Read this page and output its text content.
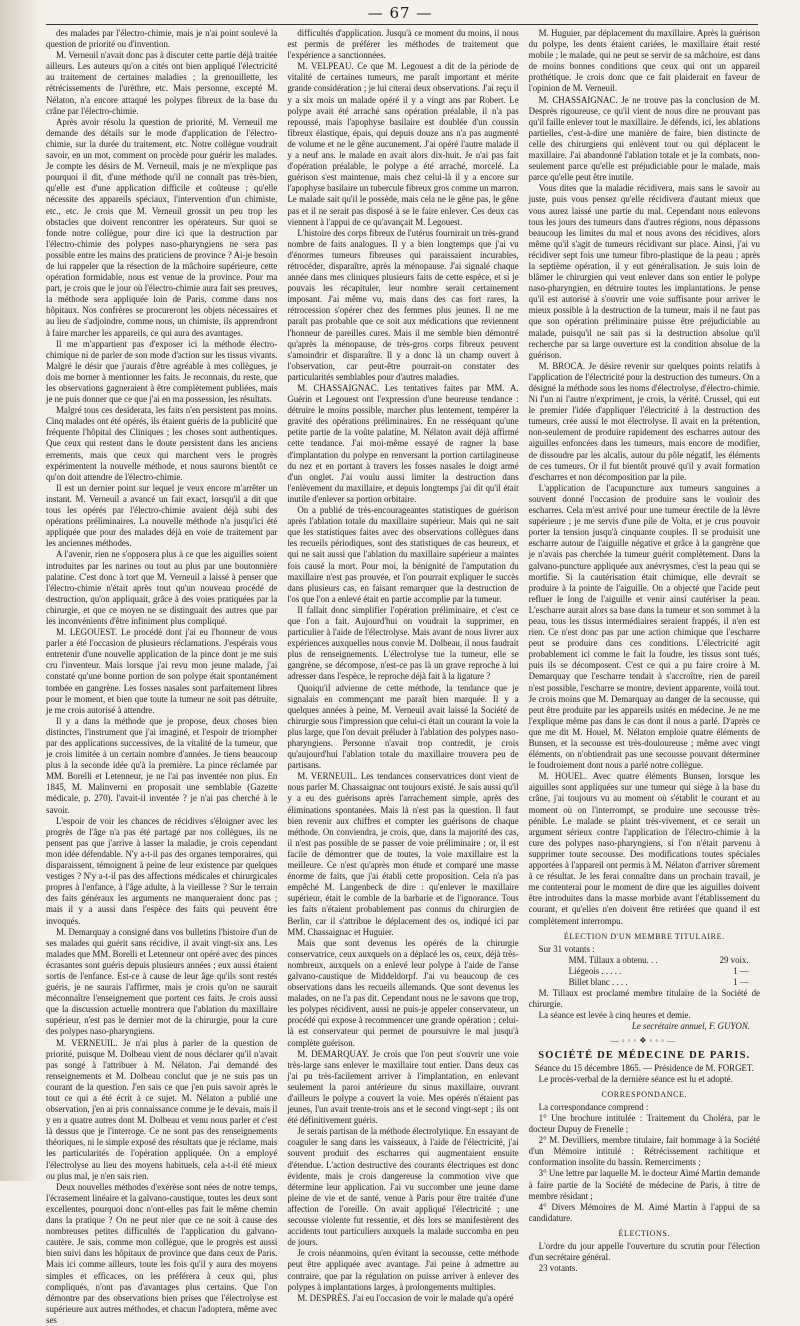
— 67 —

des malades par l'électro-chimie, mais je n'ai point soulevé la question de priorité ou d'invention.

M. Verneuil n'avait donc pas à discuter cette partie déjà traitée ailleurs. Les auteurs qu'on a cités ont bien appliqué l'électricité au traitement de certaines maladies ; la grenouillette, les rétrécissements de l'urèthre, etc. Mais personne, excepté M. Nélaton, n'a encore attaqué les polypes fibreux de la base du crâne par l'électro-chimie.

Après avoir résolu la question de priorité, M. Verneuil me demande des détails sur le mode d'application de l'électro-chimie, sur la durée du traitement, etc. Notre collègue voudrait savoir, en un mot, comment on procède pour guérir les malades. Je compte les désirs de M. Verneuil, mais je ne m'explique pas pourquoi il dit, d'une méthode qu'il ne connaît pas très-bien, qu'elle est d'une application difficile et coûteuse ; qu'elle nécessite des appareils spéciaux, l'intervention d'un chimiste, etc., etc. Je crois que M. Verneuil grossit un peu trop les obstacles que doivent rencontrer les opérateurs. Sur quoi se fonde notre collègue, pour dire ici que la destruction par l'électro-chimie des polypes naso-pharyngiens ne sera pas possible entre les mains des praticiens de province ? Ai-je besoin de lui rappeler que la résection de la mâchoire supérieure, cette opération formidable, nous est venue de la province. Pour ma part, je crois que le jour où l'électro-chimie aura fait ses preuves, la méthode sera appliquée loin de Paris, comme dans nos hôpitaux. Nos confrères se procureront les objets nécessaires et au lieu de s'adjoindre, comme nous, un chimiste, ils apprendront à faire marcher les appareils, ce qui aura des avantages.

Il me m'appartient pas d'exposer ici la méthode électro-chimique ni de parler de son mode d'action sur les tissus vivants. Malgré le désir que j'aurais d'être agréable à mes collègues, je dois me borner à mentionner les faits. Je reconnais, du reste, que les observations gagneraient à être complètement publiées, mais je ne puis donner que ce que j'ai en ma possession, les résultats.

Malgré tous ces desiderata, les faits n'en persistent pas moins. Cinq malades ont été opérés, ils étaient guéris de la publicité que fréquente l'hôpital des Cliniques ; les choses sont authentiques. Que ceux qui restent dans le doute persistent dans les anciens errements, mais que ceux qui marchent vers le progrès expérimentent la nouvelle méthode, et nous saurons bientôt ce qu'on doit attendre de l'électro-chimie.

Il est un dernier point sur lequel je veux encore m'arrêter un instant. M. Verneuil a avancé un fait exact, lorsqu'il a dit que tous les opérés par l'électro-chimie avaient déjà subi des opérations préliminaires. La nouvelle méthode n'a jusqu'ici été appliquée que pour des malades déjà en voie de traitement par les anciennes méthodes.

A l'avenir, rien ne s'opposera plus à ce que les aiguilles soient introduites par les narines ou tout au plus par une boutonnière palatine. C'est donc à tort que M. Verneuil a laissé à penser que l'électro-chimie n'était après tout qu'un nouveau procédé de destruction, qu'on appliquait, grâce à des voies pratiquées par la chirurgie, et que ce moyen ne se distinguait des autres que par les inconvénients d'être infiniment plus compliqué.

M. LEGOUEST. Le procédé dont j'ai eu l'honneur de vous parler a été l'occasion de plusieurs réclamations. J'espérais vous entretenir d'une nouvelle application de la pince dont je me suis cru l'inventeur. Mais lorsque j'ai revu mon jeune malade, j'ai constaté qu'une bonne portion de son polype était spontanément tombée en gangrène. Les fosses nasales sont parfaitement libres pour le moment, et bien que toute la tumeur ne soit pas détruite, je me crois autorisé à attendre.

Il y a dans la méthode que je propose, deux choses bien distinctes, l'instrument que j'ai imaginé, et l'espoir de triompher par des applications successives, de la vitalité de la tumeur, que je crois limitée à un certain nombre d'années. Je tiens beaucoup plus à la seconde idée qu'à la première. La pince réclamée par MM. Borelli et Letenneur, je ne l'ai pas inventée non plus. En 1845, M. Malinverni en proposait une semblable (Gazette médicale, p. 270). l'avait-il inventée ? je n'ai pas cherché à le savoir.

L'espoir de voir les chances de récidives s'éloigner avec les progrès de l'âge n'a pas été partagé par nos collègues, ils ne pensent pas que j'arrive à lasser la maladie, je crois cependant mon idée défendable. N'y a-t-il pas des organes temporaires, qui disparaissent, témoignent à peine de leur existence par quelques vestiges ? N'y a-t-il pas des affections médicales et chirurgicales propres à l'enfance, à l'âge adulte, à la vieillesse ? Sur le terrain des faits généraux les arguments ne manqueraient donc pas ; mais il y a aussi dans l'espèce des faits qui peuvent être invoqués.

M. Demarquay a consigné dans vos bulletins l'histoire d'un de ses malades qui guérit sans récidive, il avait vingt-six ans. Les malades que MM. Borelli et Letenneur ont opéré avec des pinces écrasantes sont guéris depuis plusieurs années ; eux aussi étaient sortis de l'enfance. Est-ce à cause de leur âge qu'ils sont restés guéris, je ne saurais l'affirmer, mais je crois qu'on ne saurait méconnaître l'enseignement que portent ces faits. Je crois aussi que la discussion actuelle montrera que l'ablation du maxillaire supérieur, n'est pas le dernier mot de la chirurgie, pour la cure des polypes naso-pharyngiens.

M. VERNEUIL. Je n'ai plus à parler de la question de priorité, puisque M. Dolbeau vient de nous déclarer qu'il n'avait pas songé à l'attribuer à M. Nélaton. J'ai demandé des renseignements et M. Dolbeau conclut que je ne suis pas un courant de la question. J'en sais ce que j'en puis savoir après le tout ce qui a été écrit à ce sujet. M. Nélaton a publié une observation, j'en ai pris connaissance comme je le devais, mais il y en a quatre autres dont M. Dolbeau et venu nous parler et c'est là dessus que je l'interroge. Ce ne sont pas des renseignements théoriques, ni le simple exposé des résultats que je réclame, mais les particularités de l'opération appliquée. On a employé l'électrolyse au lieu des moyens habituels, cela a-t-il été mieux ou plus mal, je n'en sais rien.

Deux nouvelles méthodes d'exérèse sont nées de notre temps, l'écrasement linéaire et la galvano-caustique, toutes les deux sont excellentes, pourquoi donc n'ont-elles pas fait le même chemin dans la pratique ? On ne peut nier que ce ne soit à cause des nombreuses petites difficultés de l'application du galvano-cautère. Je sais, comme mon collègue, que le progrès est aussi bien suivi dans les hôpitaux de province que dans ceux de Paris. Mais ici comme ailleurs, toute les fois qu'il y aura des moyens simples et efficaces, on les préférera à ceux qui, plus compliqués, n'ont pas d'avantages plus certains. Que l'on démontre par des observations bien prises que l'électrolyse est supérieure aux autres méthodes, et chacun l'adoptera, même avec ses

difficultés d'application. Jusqu'à ce moment du moins, il nous est permis de préférer les méthodes de traitement que l'expérience a sanctionnées.

M. VELPEAU. Ce que M. Legouest a dit de la période de vitalité de certaines tumeurs, me paraît important et mérite grande considération ; je lui citerai deux observations. J'ai reçu il y a six mois un malade opéré il y a vingt ans par Robert. Le polype avait été arraché sans opération préalable, il n'a pas repoussé, mais l'apophyse basilaire est doublée d'un coussin fibreux élastique, épais, qui depuis douze ans n'a pas augmenté de volume et ne le gêne aucunement. J'ai opéré l'autre malade il y a neuf ans. le malade en avait alors dix-huit. Je n'ai pas fait d'opération préalable, le polype a été arraché, morcelé. La guérison s'est maintenue, mais chez celui-là il y a encore sur l'apophyse basilaire un tubercule fibreux gros comme un marron. Le malade sait qu'il le possède, mais cela ne le gêne pas, le gêne pas et il ne serait pas disposé à se le faire enlever. Ces deux cas viennent à l'appui de ce qu'avançait M. Legouest.

L'histoire des corps fibreux de l'utérus fournirait un très-grand nombre de faits analogues. Il y a bien longtemps que j'ai vu d'énormes tumeurs fibreuses qui paraissaient incurables, rétrocéder, disparaître, après la ménopause. J'ai signalé chaque année dans mes cliniques plusieurs faits de cette espèce, et si je pouvais les récapituler, leur nombre serait certainement imposant. J'ai même vu, mais dans des cas fort rares, la rétrocession s'opérer chez des femmes plus jeunes. Il ne me paraît pas probable que ce soit aux médications que reviennent l'honneur de pareilles cures. Mais il me semble bien démontré qu'après la ménopause, de très-gros corps fibreux peuvent s'amoindrir et disparaître. Il y a donc là un champ ouvert à l'observation, car peut-être pourrait-on constater des particularités semblables pour d'autres maladies.

M. CHASSAIGNAC. Les tentatives faites par MM. A. Guérin et Legouest ont l'expression d'une heureuse tendance : détruire le moins possible, marcher plus lentement, tempérer la gravité des opérations préliminaires. En ne resséquant qu'une petite partie de la voûte palatine, M. Nélaton avait déjà affirmé cette tendance. J'ai moi-même essayé de ragner la base d'implantation du polype en renversant la portion cartilagineuse du nez et en portant à travers les fosses nasales le doigt armé d'un onglet. J'ai voulu aussi limiter la destruction dans l'enlèvement du maxillaire, et depuis longtemps j'ai dit qu'il était inutile d'enlever sa portion orbitaire.

On a publié de très-encourageantes statistiques de guérison après l'ablation totale du maxillaire supérieur. Mais qui ne sait que les statistiques faites avec des observations collègues dans les recueils périodiques, sont des statistiques de cas heureux, et qui ne sait aussi que l'ablation du maxillaire supérieur a maintes fois causé la mort. Pour moi, la bénignité de l'amputation du maxillaire n'est pas prouvée, et l'on pourrait expliquer le succès dans plusieurs cas, en faisant remarquer que la destruction de l'os que l'on a enlevé était en partie accomplie par la tumeur.

Il fallait donc simplifier l'opération préliminaire, et c'est ce que l'on a fait. Aujourd'hui on voudrait la supprimer, en particulier à l'aide de l'électrolyse. Mais avant de nous livrer aux expériences auxquelles nous convie M. Dolbeau, il nous faudrait plus de renseignements. L'électrolyse tue la tumeur, elle se gangrène, se décompose, n'est-ce pas là un grave reproche à lui adresser dans l'espèce, le reproche déjà fait à la ligature ?

Quoiqu'il advienne de cette méthode, la tendance que je signalais en commençant me paraît bien marquée. Il y a quelques années à peine, M. Verneuil avait laissé la Société de chirurgie sous l'impression que celui-ci était un courant la voie la plus large, que l'on devait préluder à l'ablation des polypes naso-pharyngiens. Personne n'avait trop contredit, je crois qu'aujourd'hui l'ablation totale du maxillaire trouvera peu de partisans.

M. VERNEUIL. Les tendances conservatrices dont vient de nous parler M. Chassaignac ont toujours existé. Je sais aussi qu'il y a eu des guérisons après l'arrachement simple, après des éliminations spontanées. Mais là n'est pas la question. Il faut bien revenir aux chiffres et compter les guérisons de chaque méthode. On conviendra, je crois, que, dans la majorité des cas, il n'est pas possible de se passer de voie préliminaire ; or, il est facile de démontrer que de toutes, la voie maxillaire est la meilleure. Ce n'est qu'après mon étude et comparé une masse énorme de faits, que j'ai établi cette proposition. Cela n'a pas empêché M. Langenbeck de dire : qu'enlever le maxillaire supérieur, était le comble de la barbarie et de l'ignorance. Tous les faits n'étaient probablement pas connus du chirurgien de Berlin, car il s'attribue le déplacement des os, indiqué ici par MM. Chassaignac et Huguier.

Mais que sont devenus les opérés de la chirurgie conservatrice, ceux auxquels on a déplacé les os, ceux, déjà très-nombreux, auxquels on a enlevé leur polype à l'aide de l'anse galvano-caustique de Middeldorpf. J'ai vu beaucoup de ces observations dans les recueils allemands. Que sont devenus les malades, on ne l'a pas dit. Cependant nous ne le savons que trop, les polypes récidivent, aussi ne puis-je appeler conservateur, un procédé qui expose à recommencer une grande opération ; celui-là est conservateur qui permet de poursuivre le mal jusqu'à complète guérison.

M. DEMARQUAY. Je crois que l'on peut s'ouvrir une voie très-large sans enlever le maxillaire tout entier. Dans deux cas j'ai pu très-facilement arriver à l'implantation, en enlevant seulement la paroi antérieure du sinus maxillaire, ouvrant d'ailleurs le polype a couvert la voie. Mes opérés n'étaient pas jeunes, l'un avait trente-trois ans et le second vingt-sept ; ils ont été définitivement guéris.

Je serais partisan de la méthode électrolytique. En essayant de coaguler le sang dans les vaisseaux, à l'aide de l'électricité, j'ai souvent produit des escharres qui augmentaient ensuite d'étendue. L'action destructive des courants électriques est donc évidente, mais je crois dangereuse la commotion vive que détermine leur application. J'ai vu succomber une jeune dame pleine de vie et de santé, venue à Paris pour être traitée d'une affection de l'oreille. On avait appliqué l'électricité ; une secousse violente fut ressentie, et dès lors se manifestèrent des accidents tout particuliers auxquels la malade succomba en peu de jours.

Je crois néanmoins, qu'en évitant la secousse, cette méthode peut être appliquée avec avantage. J'ai peine à admettre au contraire, que par la régulation on puisse arriver à enlever des polypes à implantations larges, à prolongements multiples.

M. DESPRÈS. J'ai eu l'occasion de voir le malade qu'a opéré

M. Huguier, par déplacement du maxillaire. Après la guérison du polype, les dents étaient cariées, le maxillaire était resté mobile ; le malade, qui ne peut se servir de sa mâchoire, est dans de moins bonnes conditions que ceux qui ont un appareil prothétique. Je crois donc que ce fait plaiderait en faveur de l'opinion de M. Verneuil.

M. CHASSAIGNAC. Je ne trouve pas la conclusion de M. Desprès rigoureuse, ce qu'il vient de nous dire ne prouvant pas qu'il faille enlever tout le maxillaire. Je défends, ici, les ablations partielles, c'est-à-dire une manière de faire, bien distincte de celle des chirurgiens qui enlèvent tout ou qui déplacent le maxillaire. J'ai abandonné l'ablation totale et je la combats, non-seulement parce qu'elle est préjudiciable pour le malade, mais parce qu'elle peut être inutile.

Vous dites que la maladie récidivera, mais sans le savoir au juste, puis vous pensez qu'elle récidivera d'autant mieux que vous aurez laissé une partie du mal. Cependant nous enlevons tous les jours des tumeurs dans d'autres régions, nous dépassons beaucoup les limites du mal et nous avons des récidives, alors même qu'il s'agit de tumeurs récidivant sur place. Ainsi, j'ai vu récidiver sept fois une tumeur fibro-plastique de la peau ; après la septième opération, il y eut généralisation. Je suis loin de blâmer le chirurgien qui veut enlever dans son entier le polype naso-pharyngien, en détruire toutes les implantations. Je pense qu'il est autorisé à s'ouvrir une voie suffisante pour arriver le mieux possible à la destruction de la tumeur, mais il ne faut pas que son opération préliminaire puisse être préjudiciable au malade, puisqu'il ne sait pas si la destruction absolue qu'il recherche par sa large ouverture est la condition absolue de la guérison.

M. BROCA. Je désire revenir sur quelques points relatifs à l'application de l'électricité pour la destruction des tumeurs. On a désigné la méthode sous les noms d'électrolyse, d'électro-chimie. Ni l'un ni l'autre n'expriment, je crois, la vérité. Crussel, qui eut le premier l'idée d'appliquer l'électricité à la destruction des tumeurs, crée aussi le mot électrolyse. Il avait en la prétention, non-seulement de produire rapidement des escharres autour des aiguilles enfoncées dans les tumeurs, mais encore de modifier, de dissoudre par les alcalis, autour du pôle négatif, les éléments de ces tumeurs. Or il fut bientôt prouvé qu'il y avait formation d'escharres et non décomposition par la pile.

L'application de l'acupuncture aux tumeurs sanguines a souvent donné l'occasion de produire sans le vouloir des escharres. Cela m'est arrivé pour une tumeur érectile de la lèvre supérieure ; je me servis d'une pile de Volta, et je crus pouvoir porter la tension jusqu'à cinquante couples. Il se produisit une escharre autour de l'aiguille négative et grâce à la gangrène que je n'avais pas cherchée la tumeur guérit complètement. Dans la galvano-puncture appliquée aux anévrysmes, c'est la peau qui se mortifie. Si la cautérisation était chimique, elle devrait se produire à la pointe de l'aiguille. On a objecté que l'acide peut refluer le long de l'aiguille et venir ainsi cautériser la peau. L'escharre aurait alors sa base dans la tumeur et son sommet à la peau, tous les tissus intermédiaires seraient frappés, il n'en est rien. Ce n'est donc pas par une action chimique que l'escharre peut se produire dans ces conditions. L'électricité agit probablement ici comme le fait la foudre, les tissus sont tués, puis ils se décomposent. C'est ce qui a pu faire croire à M. Demarquay que l'escharre tendait à s'accroître, rien de pareil n'est possible, l'escharre se montre, devient apparente, voilà tout. Je crois moins que M. Demarquay au danger de la secousse, qui peut être produite par les appareils usités en médecine. Je ne me l'explique même pas dans le cas dont il nous a parlé. D'après ce que me dit M. Houel, M. Nélaton emploie quatre éléments de Bunsen, et la secousse est très-douloureuse ; même avec vingt éléments, on n'obtiendrait pas une secousse pouvant déterminer le foudroiement dont nous a parlé notre collègue.

M. HOUEL. Avec quatre éléments Bunsen, lorsque les aiguilles sont appliquées sur une tumeur qui siège à la base du crâne, j'ai toujours vu au moment où s'établit le courant et au moment où on l'interrompt, se produire une secousse très-pénible. Le malade se plaint très-vivement, et ce serait un argument sérieux contre l'application de l'électro-chimie à la cure des polypes naso-pharyngiens, si l'on n'était parvenu à supprimer toute secousse. Des modifications toutes spéciales apportées à l'appareil ont permis à M. Nélaton d'arriver sûrement à ce résultat. Je les ferai connaître dans un prochain travail, je me contenterai pour le moment de dire que les aiguilles doivent être introduites dans la masse morbide avant l'établissement du courant, et qu'elles n'en doivent être retirées que quand il est complètement interrompu.

ÉLECTION D'UN MEMBRE TITULAIRE.

Sur 31 votants :

MM. Tillaux a obtenu. . .	29 voix.
Liégeois . . . . .	1 —
Billet blanc . . . .	1 —

M. Tillaux est proclamé membre titulaire de la Société de chirurgie.

La séance est levée à cinq heures et demie.

Le secrétaire annuel, F. GUYON.

—◦◦◦❖◦◦◦—

SOCIÉTÉ DE MÉDECINE DE PARIS.

Séance du 15 décembre 1865. — Présidence de M. FORGET.

Le procès-verbal de la dernière séance est lu et adopté.

CORRESPONDANCE.

La correspondance comprend :

1° Une brochure intitulée : Traitement du Choléra, par le docteur Dupuy de Frenelle ;

2° M. Devilliers, membre titulaire, fait hommage à la Société d'un Mémoire intitulé : Rétrécissement rachitique et conformation insolite du bassin. Remerciments ;

3° Une lettre par laquelle M. le docteur Aimé Martin demande à faire partie de la Société de médecine de Paris, à titre de membre résidant ;

4° Divers Mémoires de M. Aimé Martin à l'appui de sa candidature.

ÉLECTIONS.

L'ordre du jour appelle l'ouverture du scrutin pour l'élection d'un secrétaire général.

23 votants.
